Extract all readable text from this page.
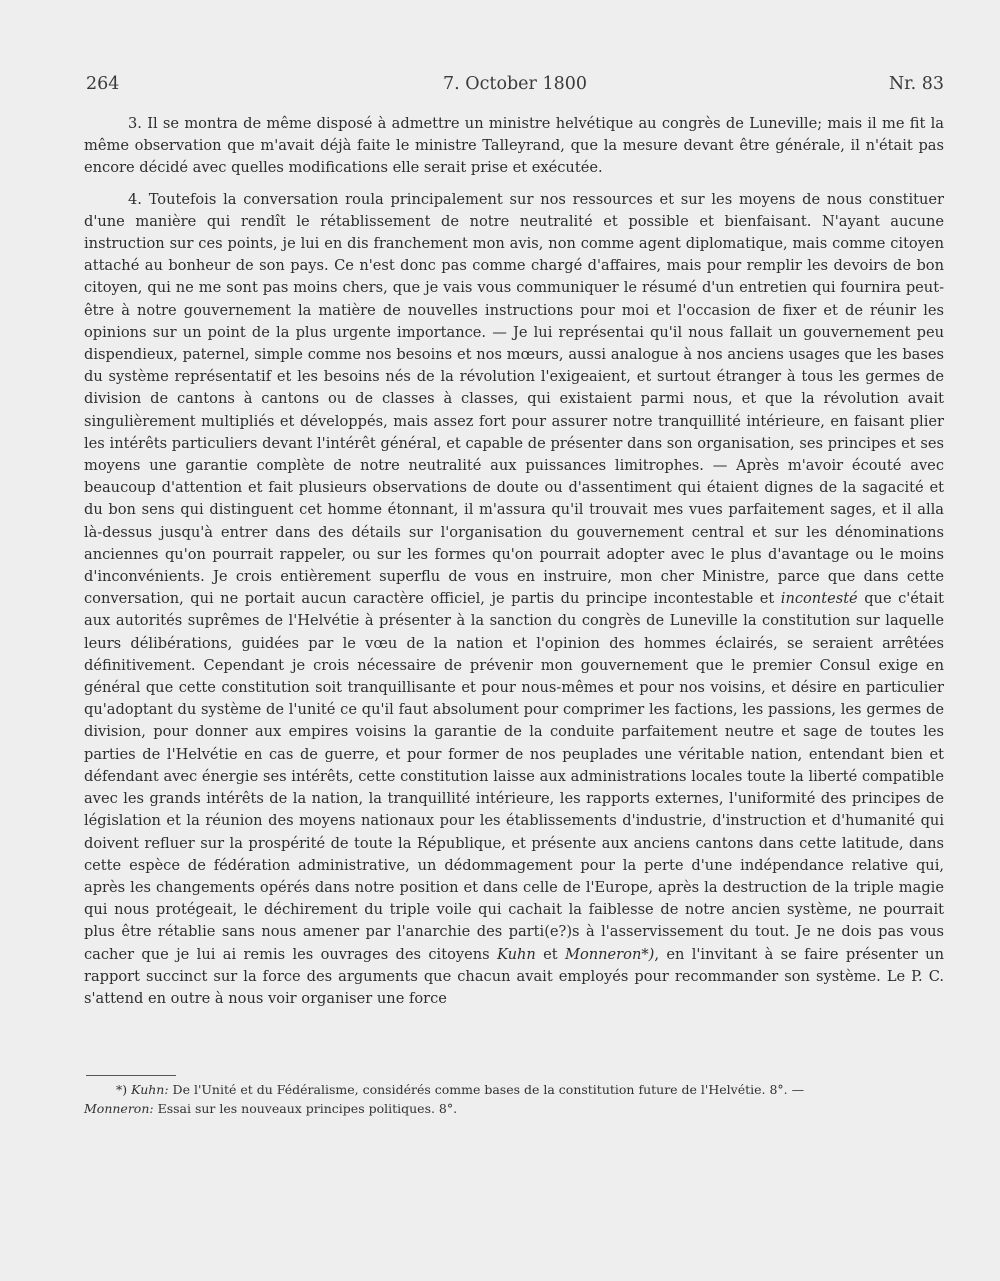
264	7. October 1800	Nr. 83

3. Il se montra de même disposé à admettre un ministre helvétique au congrès de Luneville; mais il me fit la même observation que m'avait déjà faite le ministre Talleyrand, que la mesure devant être générale, il n'était pas encore décidé avec quelles modifications elle serait prise et exécutée.

4. Toutefois la conversation roula principalement sur nos ressources et sur les moyens de nous constituer d'une manière qui rendît le rétablissement de notre neutralité et possible et bienfaisant. N'ayant aucune instruction sur ces points, je lui en dis franchement mon avis, non comme agent diplomatique, mais comme citoyen attaché au bonheur de son pays. Ce n'est donc pas comme chargé d'affaires, mais pour remplir les devoirs de bon citoyen, qui ne me sont pas moins chers, que je vais vous communiquer le résumé d'un entretien qui fournira peut-être à notre gouvernement la matière de nouvelles instructions pour moi et l'occasion de fixer et de réunir les opinions sur un point de la plus urgente importance. — Je lui représentai qu'il nous fallait un gouvernement peu dispendieux, paternel, simple comme nos besoins et nos mœurs, aussi analogue à nos anciens usages que les bases du système représentatif et les besoins nés de la révolution l'exigeaient, et surtout étranger à tous les germes de division de cantons à cantons ou de classes à classes, qui existaient parmi nous, et que la révolution avait singulièrement multipliés et développés, mais assez fort pour assurer notre tranquillité intérieure, en faisant plier les intérêts particuliers devant l'intérêt général, et capable de présenter dans son organisation, ses principes et ses moyens une garantie complète de notre neutralité aux puissances limitrophes. — Après m'avoir écouté avec beaucoup d'attention et fait plusieurs observations de doute ou d'assentiment qui étaient dignes de la sagacité et du bon sens qui distinguent cet homme étonnant, il m'assura qu'il trouvait mes vues parfaitement sages, et il alla là-dessus jusqu'à entrer dans des détails sur l'organisation du gouvernement central et sur les dénominations anciennes qu'on pourrait rappeler, ou sur les formes qu'on pourrait adopter avec le plus d'avantage ou le moins d'inconvénients. Je crois entièrement superflu de vous en instruire, mon cher Ministre, parce que dans cette conversation, qui ne portait aucun caractère officiel, je partis du principe incontestable et incontesté que c'était aux autorités suprêmes de l'Helvétie à présenter à la sanction du congrès de Luneville la constitution sur laquelle leurs délibérations, guidées par le vœu de la nation et l'opinion des hommes éclairés, se seraient arrêtées définitivement. Cependant je crois nécessaire de prévenir mon gouvernement que le premier Consul exige en général que cette constitution soit tranquillisante et pour nous-mêmes et pour nos voisins, et désire en particulier qu'adoptant du système de l'unité ce qu'il faut absolument pour comprimer les factions, les passions, les germes de division, pour donner aux empires voisins la garantie de la conduite parfaitement neutre et sage de toutes les parties de l'Helvétie en cas de guerre, et pour former de nos peuplades une véritable nation, entendant bien et défendant avec énergie ses intérêts, cette constitution laisse aux administrations locales toute la liberté compatible avec les grands intérêts de la nation, la tranquillité intérieure, les rapports externes, l'uniformité des principes de législation et la réunion des moyens nationaux pour les établissements d'industrie, d'instruction et d'humanité qui doivent refluer sur la prospérité de toute la République, et présente aux anciens cantons dans cette latitude, dans cette espèce de fédération administrative, un dédommagement pour la perte d'une indépendance relative qui, après les changements opérés dans notre position et dans celle de l'Europe, après la destruction de la triple magie qui nous protégeait, le déchirement du triple voile qui cachait la faiblesse de notre ancien système, ne pourrait plus être rétablie sans nous amener par l'anarchie des parti(e?)s à l'asservissement du tout. Je ne dois pas vous cacher que je lui ai remis les ouvrages des citoyens Kuhn et Monneron*), en l'invitant à se faire présenter un rapport succinct sur la force des arguments que chacun avait employés pour recommander son système. Le P. C. s'attend en outre à nous voir organiser une force

*) Kuhn: De l'Unité et du Fédéralisme, considérés comme bases de la constitution future de l'Helvétie. 8°. —
Monneron: Essai sur les nouveaux principes politiques. 8°.
